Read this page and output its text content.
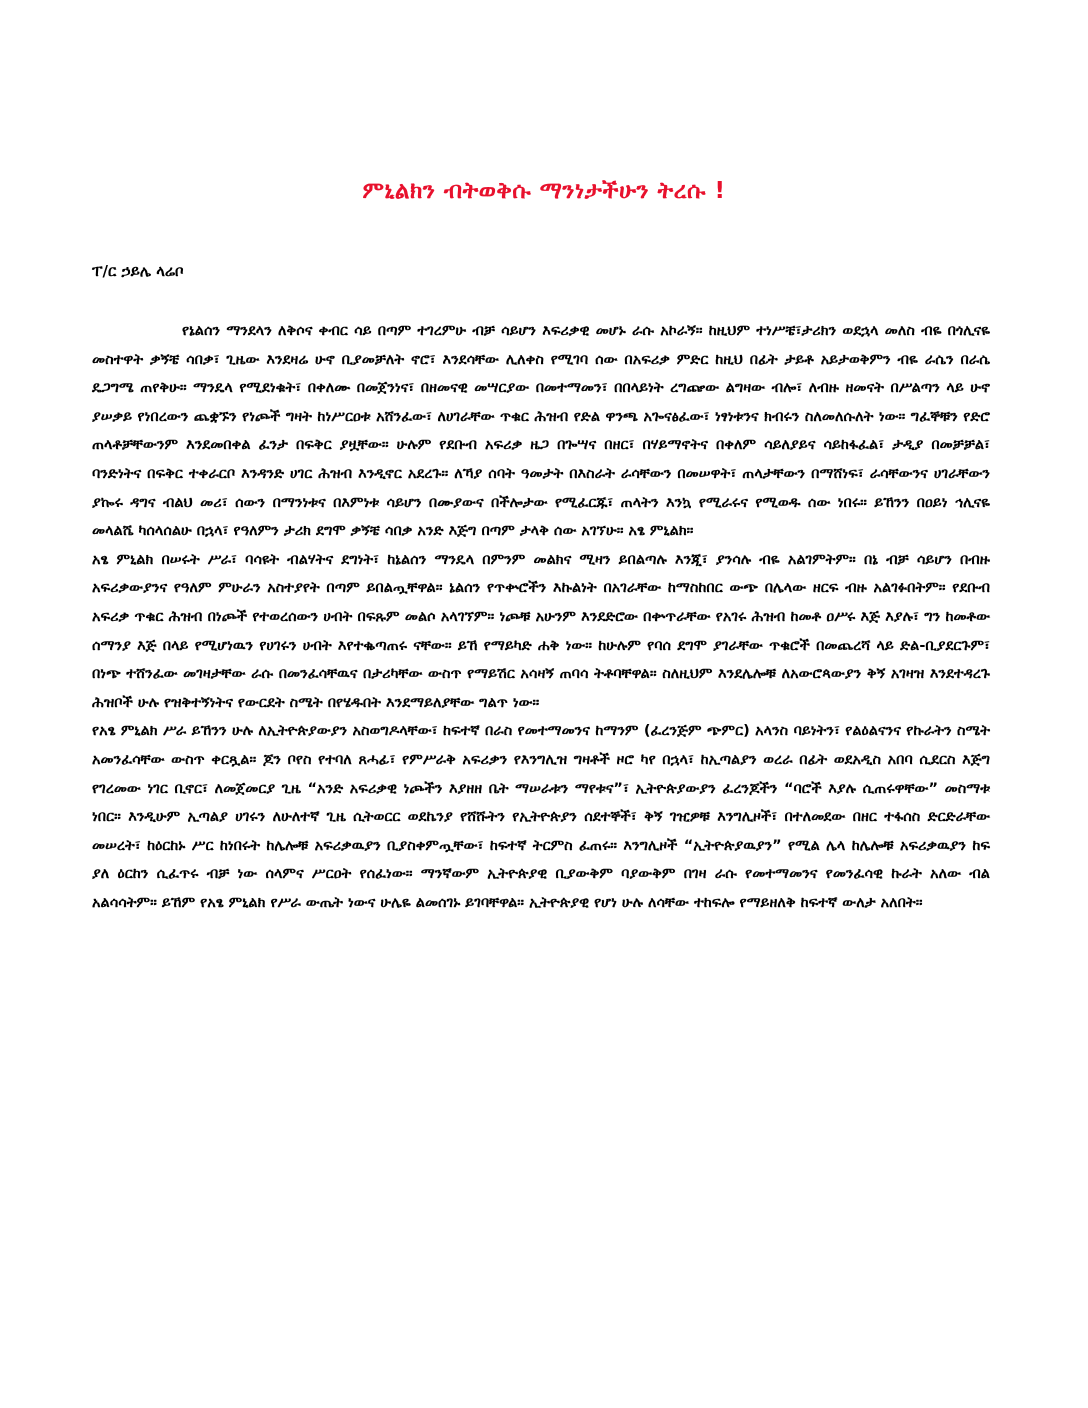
ምኒልክን ብትወቅሱ ማንነታችሁን ትረሱ !
ፐ/ር ኃይሌ ላሬቦ

የኔልሰን ማንደላን ለቅሶና ቀብር ሳይ በጣም ተገረምሁ ብቻ ሳይሆን እፍሪቃዊ መሆኑ ራሱ አኮራኝ። ከዚህም ተነሥቼ፣ታሪክን ወደኋላ መለስ ብዬ በጎሊናዬ መስተዋት ቃኝቼ ሳበቃ፣ ጊዜው እንደዛሬ ሁኖ ቢያመቻለት ኖሮ፣ እንደሳቸው ሊለቀስ የሚገባ ሰው በአፍሪቃ ምድር ከዚህ በፊት ታይቶ አይታወቅምን ብዬ ራሴን በራሴ ዴጋግሜ ጠየቅሁ። ማንዴላ የሚደነቁት፣ በቀለሙ በመጀንነና፣ በዘመናዊ መሣርያው በመተማመን፣ በበላይነት ረግጬው ልግዛው ብሎ፣ ለብዙ ዘመናት በሥልጣን ላይ ሁኖ ያሠቃይ የነበረውን ጨቋኙን የነጮች ግዛት ከነሥርዐቱ አሸንፈው፣ ለሀገራቸው ጥቁር ሕዝብ የድል ዋንጫ አጐናፅፈው፣ ነፃነቱንና ክብሩን ስለመለሱለት ነው። ግፈኞቹን የድሮ ጠላቶቻቸውንም እንደመበቀል ፈንታ በፍቅር ያዟቸው። ሁሉም የደቡብ አፍሪቃ ዜጋ በጐሣና በዘር፣ በሃይማኖትና በቀለም ሳይለያይና ሳይከፋፈል፣ ታዲያ በመቻቻል፣ ባንድነትና በፍቅር ተቀራርቦ እንዳንድ ሀገር ሕዝብ እንዲኖር አደረጉ። ለኻያ ሰባት ዓመታት በእስራት ራሳቸውን በመሠዋት፣ ጠላታቸውን በማሸነፍ፣ ራሳቸውንና ሀገራቸውን ያኰሩ ዳግና ብልህ መሪ፣ ሰውን በማንነቱና በእምነቱ ሳይሆን በሙያውና በችሎታው የሚፈርጁ፣ ጠላትን እንኳ የሚራሩና የሚወዱ ሰው ነበሩ። ይኸንን በዐይነ ኅሊናዬ መላልሼ ካሰላሰልሁ በኋላ፣ የዓለምን ታሪክ ደግሞ ቃኝቼ ሳበቃ አንድ እጅግ በጣም ታላቅ ሰው አገኘሁ። አፄ ምኒልክ።

አፄ ምኒልክ በሠሩት ሥራ፣ ባሳዩት ብልሃትና ደግነት፣ ከኔልሰን ማንዴላ በምንም መልክና ሚዛን ይበልጣሉ እንጂ፣ ያንሳሉ ብዬ አልገምትም። በኔ ብቻ ሳይሆን በብዙ አፍሪቃውያንና የዓለም ምሁራን አስተያየት በጣም ይበልጧቸዋል። ኔልሰን የጥቍሮችን እኩልነት በአገራቸው ከማስከበር ውጭ በሌላው ዘርፍ ብዙ አልገፉበትም። የደቡብ አፍሪቃ ጥቁር ሕዝብ በነጮች የተወረሰውን ሀብት በፍጹም መልሶ አላገኘም። ነጮቹ አሁንም እንደድሮው በቍጥራቸው የአገሩ ሕዝብ ከመቶ ዐሥሩ እጅ እያሉ፣ ግን ከመቶው ሰማንያ እጅ በላይ የሚሆነዉን የሀገሩን ሀብት እየተቈጣጠሩ ናቸው። ይኸ የማይካድ ሐቅ ነው። ከሁሉም የባሰ ደግሞ ያገራቸው ጥቁሮች በመጨረሻ ላይ ድል-ቢያደርጉም፣ በነጭ ተሸንፈው መገዛታቸው ራሱ በመንፈሳቸዉና በታሪካቸው ውስጥ የማይሽር አሳዛኝ ጠባሳ ትቶባቸዋል። ስለዚህም እንደሌሎቹ ለአውሮጳውያን ቅኝ አገዛዝ እንደተዳረጉ ሕዝቦች ሁሉ የዝቅተኝነትና የውርደት ስሜት በየሄዱበት እንደማይለያቸው ግልጥ ነው።

የአፄ ምኒልክ ሥራ ይኸንን ሁሉ ለኢትዮጵያውያን አስወግዶላቸው፣ ከፍተኛ በራስ የመተማመንና ከማንም (ፈረንጅም ጭምር) አላንስ ባይነትን፣ የልዕልናንና የኩራትን ስሜት አመንፈሳቸው ውስጥ ቀርጿል። ጆን ቦየስ የተባለ ጸሓፊ፣ የምሥራቅ አፍሪቃን የእንግሊዝ ግዛቶች ዞሮ ካየ በኋላ፣ ከኢጣልያን ወረራ በፊት ወደአዲስ አበባ ሲደርስ እጅግ የገረመው ነገር ቢኖር፣ ለመጀመርያ ጊዜ “አንድ አፍሪቃዊ ነጮችን እያዘዘ ቤት ማሠራቱን ማየቱና”፣ ኢትዮጵያውያን ፈረንጆችን “ባሮች እያሉ ሲጠሩዋቸው” መስማቱ ነበር። እንዲሁም ኢጣልያ ሀገሩን ለሁለተኛ ጊዜ ሲትወርር ወደኬንያ የሸሹትን የኢትዮጵያን ሰደተኞች፣ ቅኝ ገዢዎቹ እንግሊዞች፣ በተለመደው በዘር ተፋሰስ ድርድራቸው መሠረት፣ ከዕርከኑ ሥር ከነበሩት ከሌሎቹ አፍሪቃዉያን ቢያስቀምጧቸው፣ ከፍተኛ ትርምስ ፈጠሩ። እንግሊዞች “ኢትዮጵያዉያን” የሚል ሌላ ከሌሎቹ አፍሪቃዉያን ከፍ ያለ ዕርከን ሲፈጥሩ ብቻ ነው ሰላምና ሥርዐት የሰፈነው። ማንኛውም ኢትዮጵያዊ ቢያውቅም ባያውቅም በገዛ ራሱ የመተማመንና የመንፈሳዊ ኩራት አለው ብል አልሳሳትም። ይኸም የአፄ ምኒልክ የሥራ ውጤት ነውና ሁሌዬ ልመሰገኑ ይገባቸዋል። ኢትዮጵያዊ የሆነ ሁሉ ለሳቸው ተከፍሎ የማይዘለቅ ከፍተኛ ውለታ አለበት።
